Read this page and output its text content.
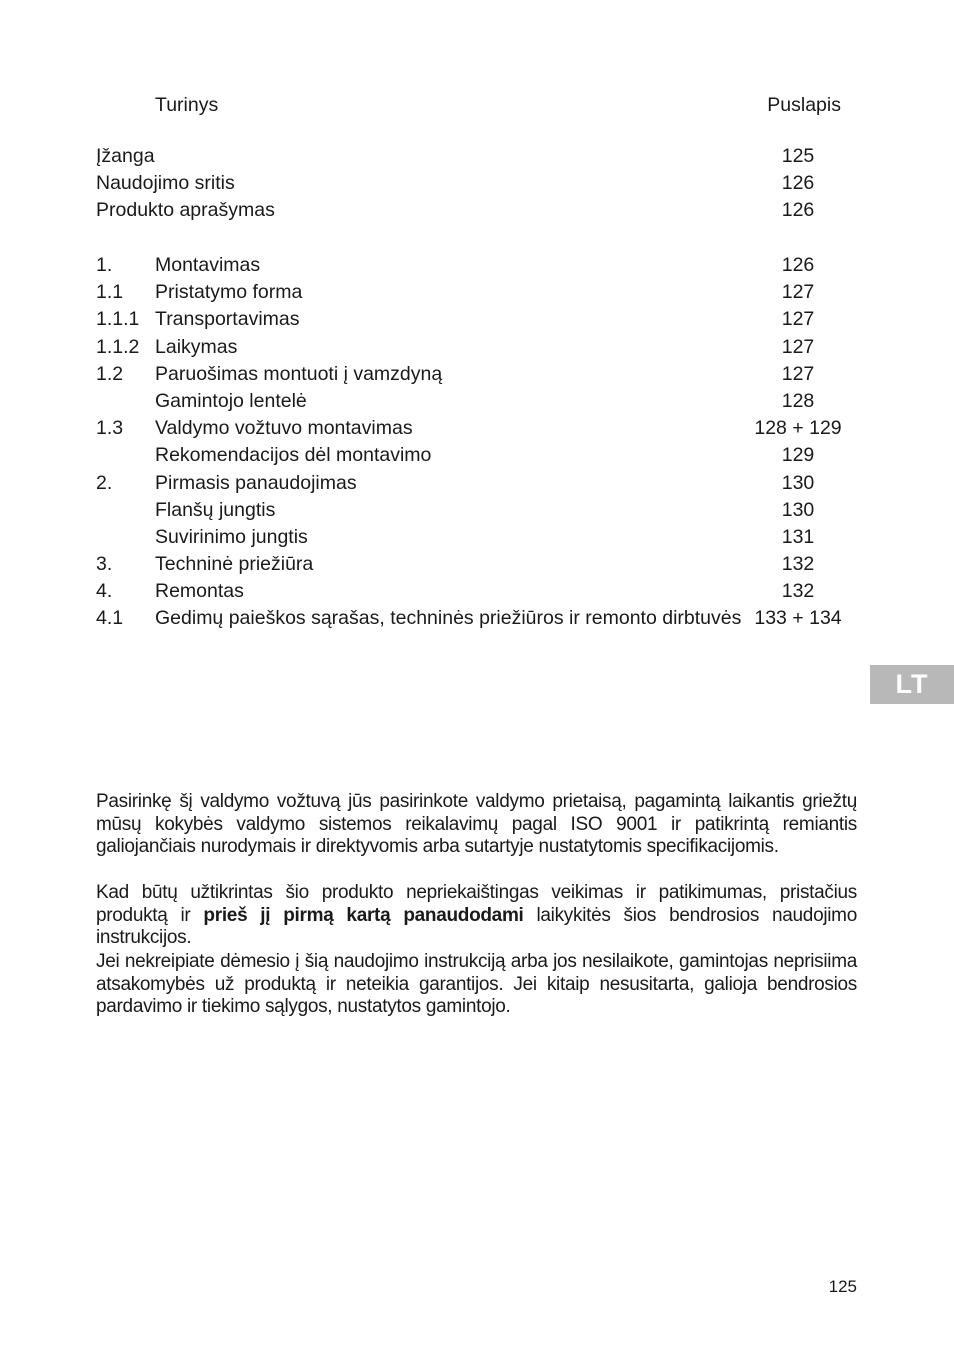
Turinys	Puslapis
Įžanga	125
Naudojimo sritis	126
Produkto aprašymas	126
1. Montavimas	126
1.1 Pristatymo forma	127
1.1.1 Transportavimas	127
1.1.2 Laikymas	127
1.2 Paruošimas montuoti į vamzdyną	127
Gamintojo lentelė	128
1.3 Valdymo vožtuvo montavimas	128 + 129
Rekomendacijos dėl montavimo	129
2. Pirmasis panaudojimas	130
Flanšų jungtis	130
Suvirinimo jungtis	131
3. Techninė priežiūra	132
4. Remontas	132
4.1 Gedimų paieškos sąrašas, techninės priežiūros ir remonto dirbtuvės 133 + 134
LT
Pasirinkę šį valdymo vožtuvą jūs pasirinkote valdymo prietaisą, pagamintą laikantis griežtų mūsų kokybės valdymo sistemos reikalavimų pagal ISO 9001 ir patikrintą remiantis galiojančiais nurodymais ir direktyvomis arba sutartyje nustatytomis specifikacijomis.
Kad būtų užtikrintas šio produkto nepriekaištingas veikimas ir patikimumas, pristačius produktą ir prieš jį pirmą kartą panaudodami laikykitės šios bendrosios naudojimo instrukcijos.
Jei nekreipiate dėmesio į šią naudojimo instrukciją arba jos nesilaikote, gamintojas neprisiima atsakomybės už produktą ir neteikia garantijos. Jei kitaip nesusitarta, galioja bendrosios pardavimo ir tiekimo sąlygos, nustatytos gamintojo.
125
